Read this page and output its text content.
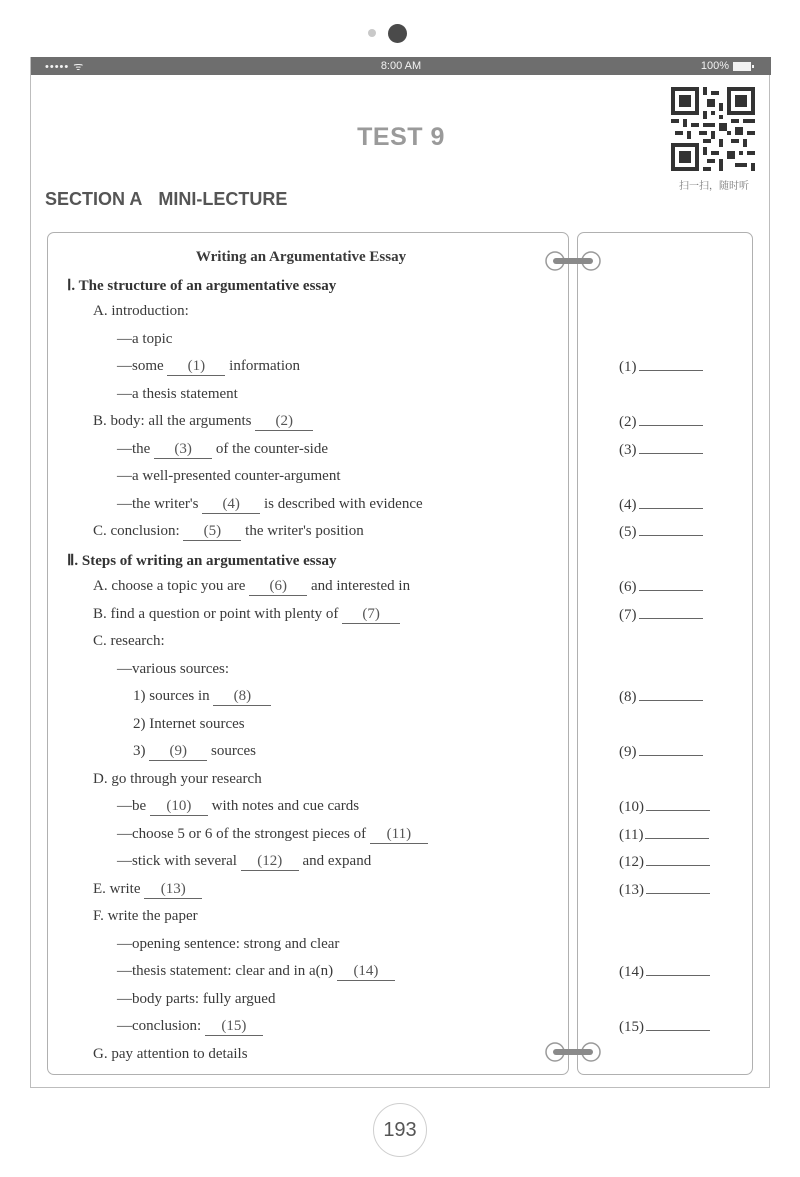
••••• ᯤ	8:00 AM	100%
TEST 9
扫一扫，随时听
SECTION A MINI-LECTURE
Writing an Argumentative Essay
Ⅰ. The structure of an argumentative essay
A. introduction:
—a topic
—some (1) information
—a thesis statement
B. body: all the arguments (2)
—the (3) of the counter-side
—a well-presented counter-argument
—the writer's (4) is described with evidence
C. conclusion: (5) the writer's position
Ⅱ. Steps of writing an argumentative essay
A. choose a topic you are (6) and interested in
B. find a question or point with plenty of (7)
C. research:
—various sources:
1) sources in (8)
2) Internet sources
3) (9) sources
D. go through your research
—be (10) with notes and cue cards
—choose 5 or 6 of the strongest pieces of (11)
—stick with several (12) and expand
E. write (13)
F. write the paper
—opening sentence: strong and clear
—thesis statement: clear and in a(n) (14)
—body parts: fully argued
—conclusion: (15)
G. pay attention to details
(1)
(2)
(3)
(4)
(5)
(6)
(7)
(8)
(9)
(10)
(11)
(12)
(13)
(14)
(15)
193
